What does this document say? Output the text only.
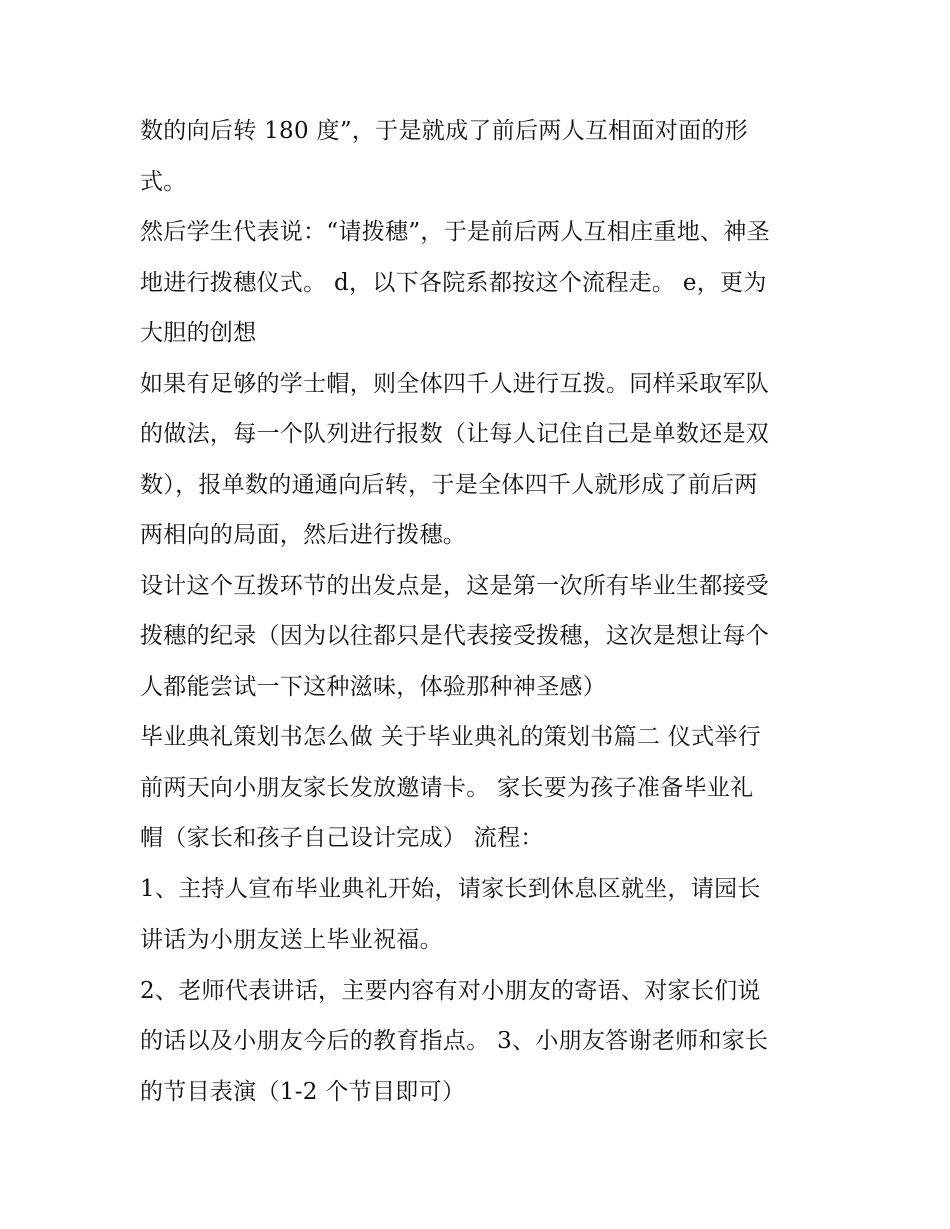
数的向后转 180 度”，于是就成了前后两人互相面对面的形
式。
然后学生代表说：“请拨穗”，于是前后两人互相庄重地、神圣
地进行拨穗仪式。 d，以下各院系都按这个流程走。 e，更为
大胆的创想
如果有足够的学士帽，则全体四千人进行互拨。同样采取军队
的做法，每一个队列进行报数（让每人记住自己是单数还是双
数），报单数的通通向后转，于是全体四千人就形成了前后两
两相向的局面，然后进行拨穗。
设计这个互拨环节的出发点是，这是第一次所有毕业生都接受
拨穗的纪录（因为以往都只是代表接受拨穗，这次是想让每个
人都能尝试一下这种滋味，体验那种神圣感）
毕业典礼策划书怎么做 关于毕业典礼的策划书篇二 仪式举行
前两天向小朋友家长发放邀请卡。 家长要为孩子准备毕业礼
帽（家长和孩子自己设计完成） 流程：
1、主持人宣布毕业典礼开始，请家长到休息区就坐，请园长
讲话为小朋友送上毕业祝福。
2、老师代表讲话，主要内容有对小朋友的寄语、对家长们说
的话以及小朋友今后的教育指点。 3、小朋友答谢老师和家长
的节目表演（1-2 个节目即可）
